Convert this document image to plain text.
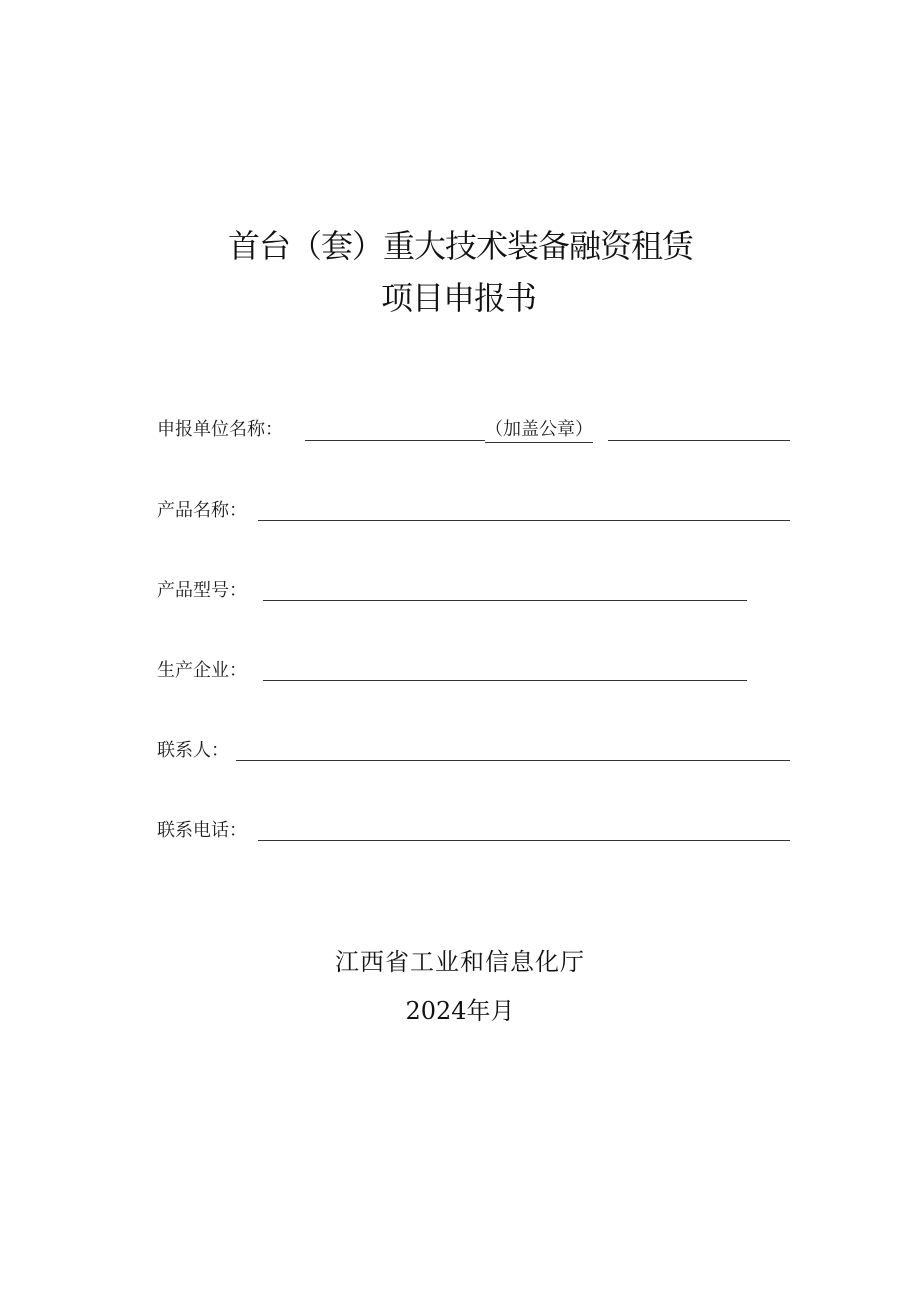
首台（套）重大技术装备融资租赁
项目申报书
申报单位名称：	（加盖公章）
产品名称：
产品型号：
生产企业：
联系人：
联系电话：
江西省工业和信息化厅
2024年月
